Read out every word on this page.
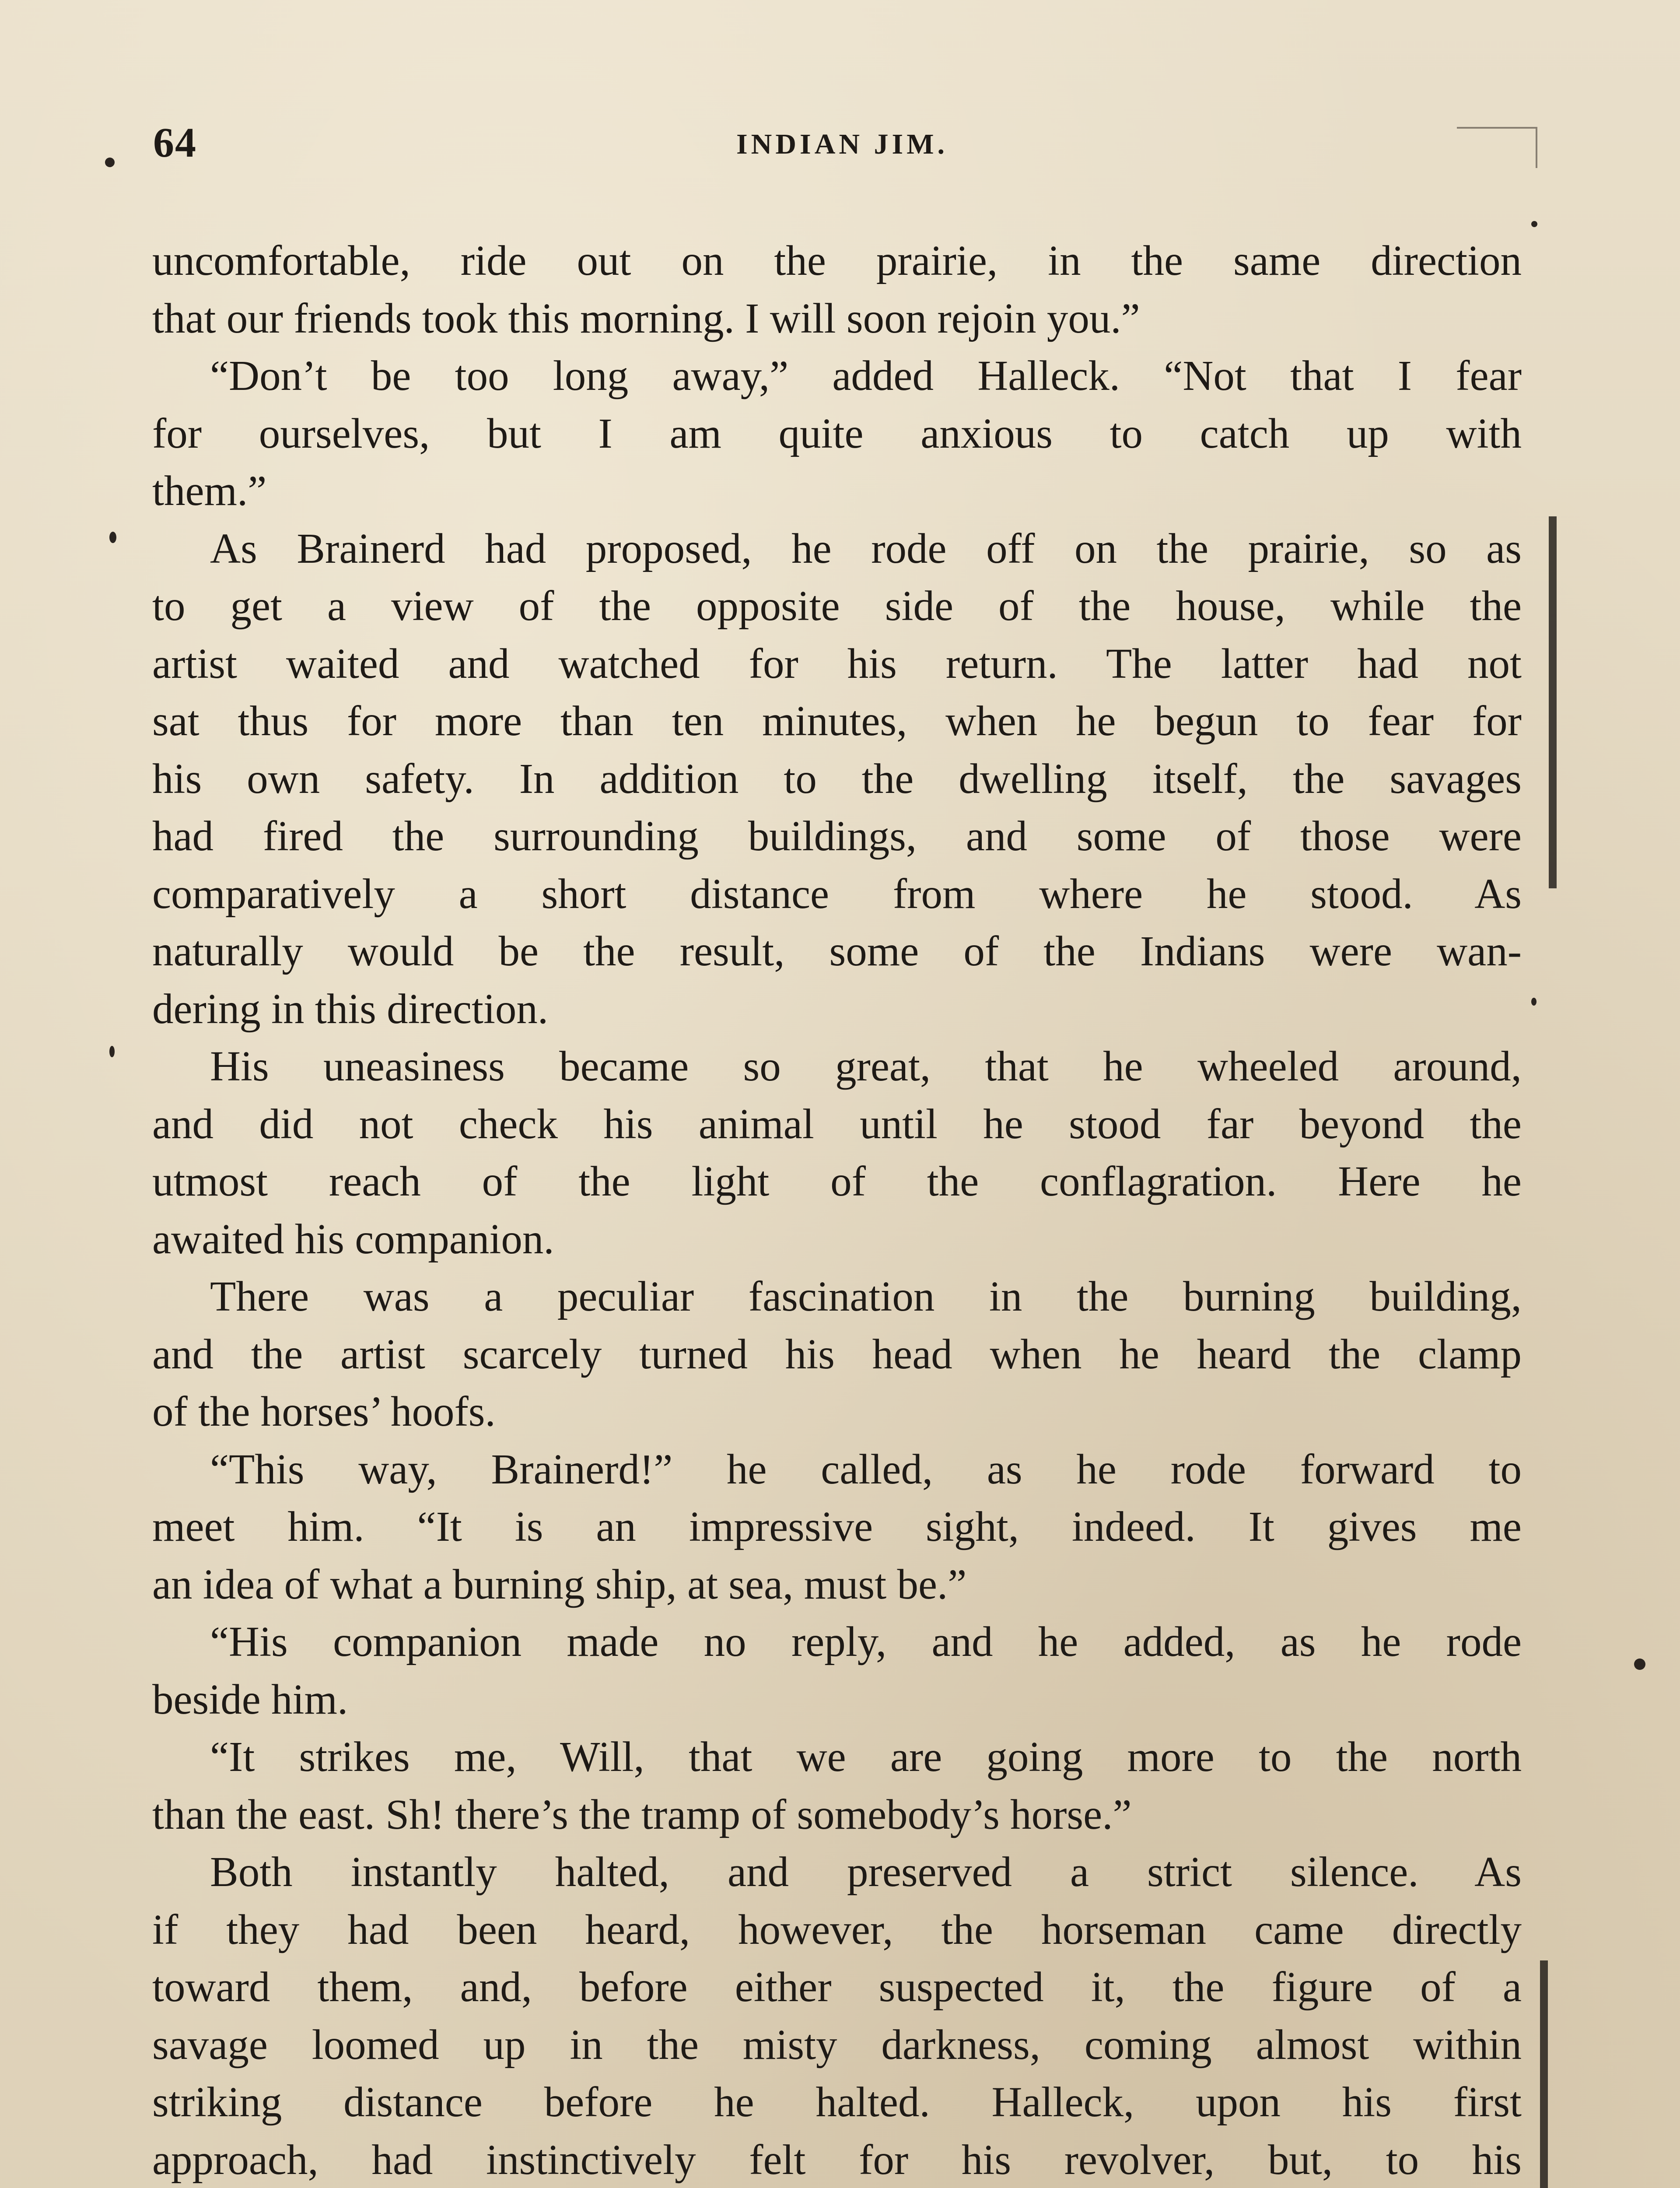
64	INDIAN JIM.
uncomfortable, ride out on the prairie, in the same direction
that our friends took this morning. I will soon rejoin you.”
“Don’t be too long away,” added Halleck. “Not that I fear
for ourselves, but I am quite anxious to catch up with
them.”
As Brainerd had proposed, he rode off on the prairie, so as
to get a view of the opposite side of the house, while the
artist waited and watched for his return. The latter had not
sat thus for more than ten minutes, when he begun to fear for
his own safety. In addition to the dwelling itself, the savages
had fired the surrounding buildings, and some of those were
comparatively a short distance from where he stood. As
naturally would be the result, some of the Indians were wan-
dering in this direction.
His uneasiness became so great, that he wheeled around,
and did not check his animal until he stood far beyond the
utmost reach of the light of the conflagration. Here he
awaited his companion.
There was a peculiar fascination in the burning building,
and the artist scarcely turned his head when he heard the clamp
of the horses’ hoofs.
“This way, Brainerd!” he called, as he rode forward to
meet him. “It is an impressive sight, indeed. It gives me
an idea of what a burning ship, at sea, must be.”
“His companion made no reply, and he added, as he rode
beside him.
“It strikes me, Will, that we are going more to the north
than the east. Sh! there’s the tramp of somebody’s horse.”
Both instantly halted, and preserved a strict silence. As
if they had been heard, however, the horseman came directly
toward them, and, before either suspected it, the figure of a
savage loomed up in the misty darkness, coming almost within
striking distance before he halted. Halleck, upon his first
approach, had instinctively felt for his revolver, but, to his
